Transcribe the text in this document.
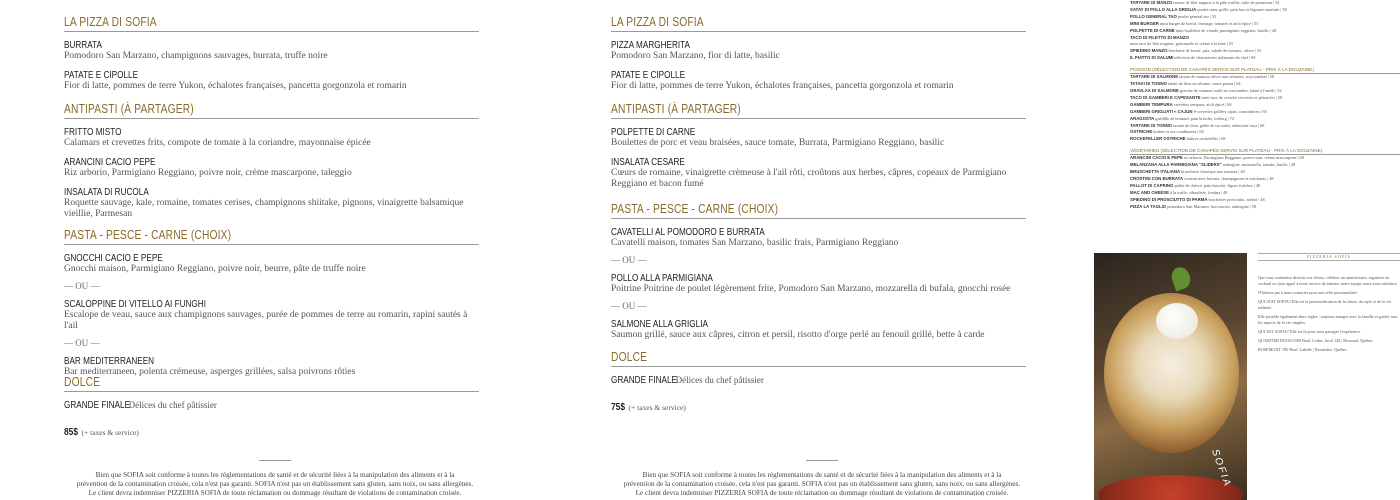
LA PIZZA DI SOFIA
BURRATA
Pomodoro San Marzano, champignons sauvages, burrata, truffe noire
PATATE E CIPOLLE
Fior di latte, pommes de terre Yukon, échalotes françaises, pancetta gorgonzola et romarin
ANTIPASTI (À PARTAGER)
FRITTO MISTO
Calamars et crevettes frits, compote de tomate à la coriandre, mayonnaise épicée
ARANCINI CACIO PEPE
Riz arborio, Parmigiano Reggiano, poivre noir, crème mascarpone, taleggio
INSALATA DI RUCOLA
Roquette sauvage, kale, romaine, tomates cerises, champignons shiitake, pignons, vinaigrette balsamique vieillie, Parmesan
PASTA - PESCE - CARNE (CHOIX)
GNOCCHI CACIO E PEPE
Gnocchi maison, Parmigiano Reggiano, poivre noir, beurre, pâte de truffe noire
— OU —
SCALOPPINE DI VITELLO AI FUNGHI
Escalope de veau, sauce aux champignons sauvages, purée de pommes de terre au romarin, rapini sautés à l'ail
— OU —
BAR MEDITERRANEEN
Bar mediterraneen, polenta crémeuse, asperges grillées, salsa poivrons rôties
DOLCE
GRANDE FINALEDélices du chef pâtissier
85$ (+ taxes & service)
LA PIZZA DI SOFIA
PIZZA MARGHERITA
Pomodoro San Marzano, fior di latte, basilic
PATATE E CIPOLLE
Fior di latte, pommes de terre Yukon, échalotes françaises, pancetta gorgonzola et romarin
ANTIPASTI (À PARTAGER)
POLPETTE DI CARNE
Boulettes de porc et veau braisées, sauce tomate, Burrata, Parmigiano Reggiano, basilic
INSALATA CESARE
Cœurs de romaine, vinaigrette crèmeuse à l'ail rôti, croûtons aux herbes, câpres, copeaux de Parmigiano Reggiano et bacon fumé
PASTA - PESCE - CARNE (CHOIX)
CAVATELLI AL POMODORO E BURRATA
Cavatelli maison, tomates San Marzano, basilic frais, Parmigiano Reggiano
— OU —
POLLO ALLA PARMIGIANA
Poitrine Poitrine de poulet légèrement frite, Pomodoro San Marzano, mozzarella di bufala, gnocchi rosée
— OU —
SALMONE ALLA GRIGLIA
Saumon grillé, sauce aux câpres, citron et persil, risotto d'orge perlé au fenouil grillé, bette à carde
DOLCE
GRANDE FINALEDélices du chef pâtissier
75$ (+ taxes & service)
Bien que SOFIA soit conforme à toutes les réglementations de santé et de sécurité liées à la manipulation des aliments et à la
prévention de la contamination croisée, cela n'est pas garanti. SOFIA n'est pas un établissement sans gluten, sans noix, ou sans allergènes.
Le client devra indemniser PIZZERIA SOFIA de toute réclamation ou dommage résultant de violations de contamination croisée.
Bien que SOFIA soit conforme à toutes les réglementations de santé et de sécurité liées à la manipulation des aliments et à la
prévention de la contamination croisée, cela n'est pas garanti. SOFIA n'est pas un établissement sans gluten, sans noix, ou sans allergènes.
Le client devra indemniser PIZZERIA SOFIA de toute réclamation ou dommage résultant de violations de contamination croisée.
TARTARE DI MANZO tartare de filet mignon à la pâte truffée, tuile de parmesan | 54
SATAY DI POLLO ALLA GRIGLIA poulet satay grillé, pain bao et légumes marinés | 58
POLLO GENERAL TAO poulet général tao | 55
MINI BURGER mini burger de boeuf, fromage, tomates et aïoli épicé | 55
POLPETTE DI CARNE mini boulettes de viande, parmigiano reggiano, basilic | 48
TACO DI FILETTO DI MANZO
mini taco de filet mignon, guacamole et crème à la lime | 55
SPIEDINO MANZO brochette de boeuf, pita, salade de tomates, olives | 55
IL PIATTO DI SALUMI sélection de charcuteries italiennes du chef | 69
POISSON (SÉLECTION DE CANAPÉS SERVIS SUR PLATEAU - PRIX À LA DOUZAINE)
TARTARE DI SALMONE tartare de saumon olives aux sésames, soya sambal | 58
TATAKI DI TONNO tataki de thon au sésame, sauce ponzu | 64
GRAVLAX DI SALMONE gravlax de saumon roulé au concombre, labné à l'aneth | 52
TACO DI GAMBERI E CAPESANTE mini taco de ceviche crevettes et pétoncles | 58
GAMBERI TEMPURA crevettes tempura, aïoli épicé | 68
GAMBERI GRIGLIATI « CAJUN » crevettes grillées cajun, concombres | 60
ARAGOSTA guédille de homard, pain brioche, iceberg | 72
TARTARE DI TONNO tartare de thon, gelée de riz sushi, réduction soya | 68
OSTRICHE huîtres et ses condiments | 68
ROCKEFELLER OSTRICHE huîtres rockefeller | 69
VÉGÉTARIEN (SÉLECTION DE CANAPÉS SERVIS SUR PLATEAU - PRIX À LA DOUZAINE)
ARANCINI CACIO E PEPE riz arborio, Parmigiano Reggiano, poivre noir, crème mascarpone | 48
MELANZANA ALLA PARMIGIANA "SLIDERS" aubergine, mozzarella, tomate, basilic | 48
BRUSCHETTA ITALIANA bruschetta classique aux tomates | 48
CROSTINI CON BURRATA crostini avec burrata, champignons et artichauts | 48
PALLOT DI CAPRINO pallot de chèvre, pain brioche, figues fraîches | 48
MAC AND CHEESE à la truffe, ciboulette, fontina | 48
SPIEDINO DI PROSCIUTTO DI PARMA brochettes prosciutto, melon | 48
PIZZA LA TAGLIO pomodoro San Marzano, bocconcini, aubergine | 58
SOFIA
PIZZERIA SOFIA
Que vous souhaitiez divertir vos clients, célébrer un anniversaire, organiser un cocktail ou faire appel à notre service de traiteur, notre équipe saura vous satisfaire.
N'hésitez pas à nous contacter pour une offre personnalisée.
QUI SUIT SOFIA? Elle est la personnification de la classe, du style et de la vie raffinée.
Elle possède également deux règles : toujours manger avec la famille et garder tous les aspects de la vie simples.
QUI EST SOFIA? Elle est là pour vous partager l'expérience.
QUARTIER DIX30 9390 Boul. Leduc, local 140 | Brossard, Québec
ROSEMONT 190 Boul. Labelle | Rosemère, Québec
